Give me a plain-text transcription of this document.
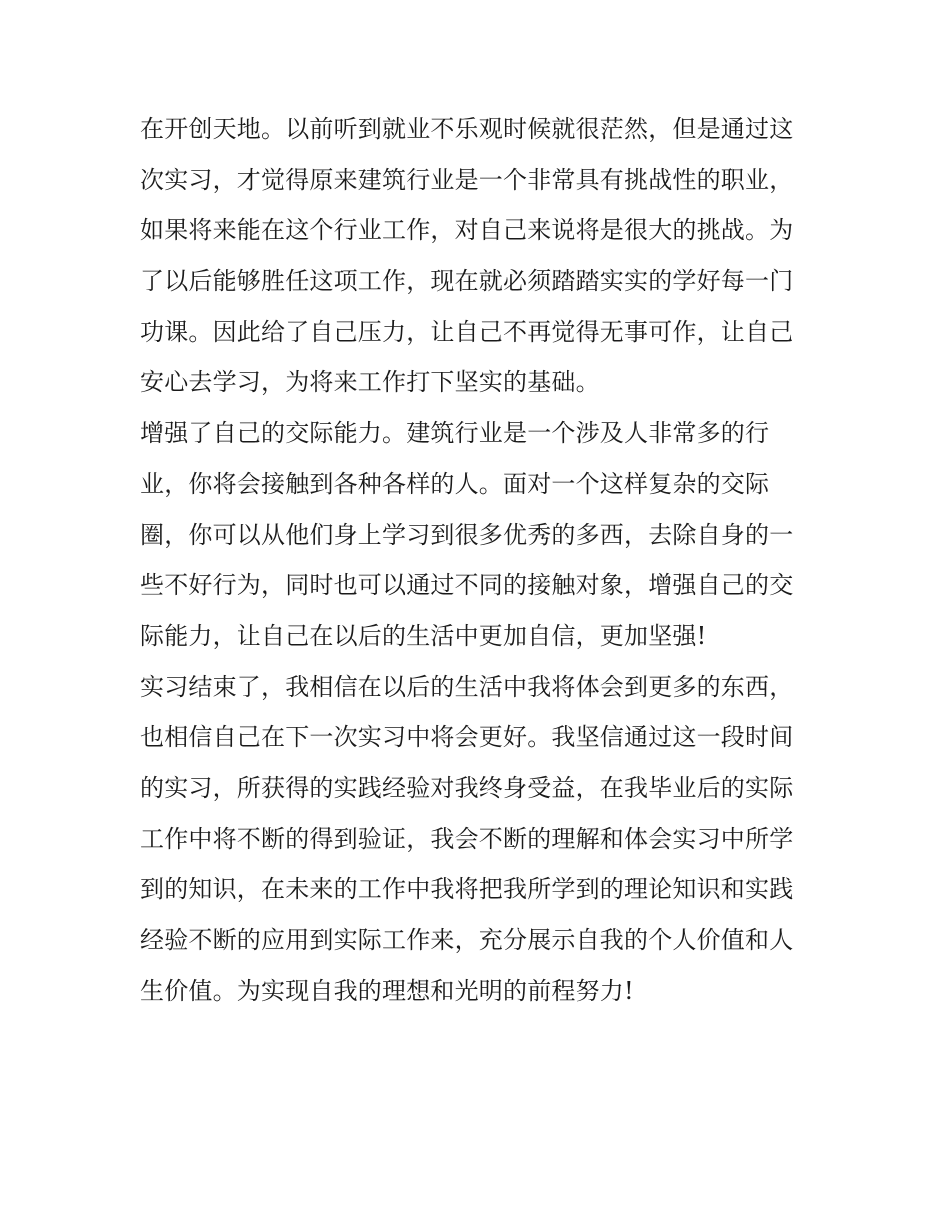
在开创天地。以前听到就业不乐观时候就很茫然，但是通过这
次实习，才觉得原来建筑行业是一个非常具有挑战性的职业，
如果将来能在这个行业工作，对自己来说将是很大的挑战。为
了以后能够胜任这项工作，现在就必须踏踏实实的学好每一门
功课。因此给了自己压力，让自己不再觉得无事可作，让自己
安心去学习，为将来工作打下坚实的基础。
增强了自己的交际能力。建筑行业是一个涉及人非常多的行
业，你将会接触到各种各样的人。面对一个这样复杂的交际
圈，你可以从他们身上学习到很多优秀的多西，去除自身的一
些不好行为，同时也可以通过不同的接触对象，增强自己的交
际能力，让自己在以后的生活中更加自信，更加坚强!
实习结束了，我相信在以后的生活中我将体会到更多的东西，
也相信自己在下一次实习中将会更好。我坚信通过这一段时间
的实习，所获得的实践经验对我终身受益，在我毕业后的实际
工作中将不断的得到验证，我会不断的理解和体会实习中所学
到的知识，在未来的工作中我将把我所学到的理论知识和实践
经验不断的应用到实际工作来，充分展示自我的个人价值和人
生价值。为实现自我的理想和光明的前程努力!
